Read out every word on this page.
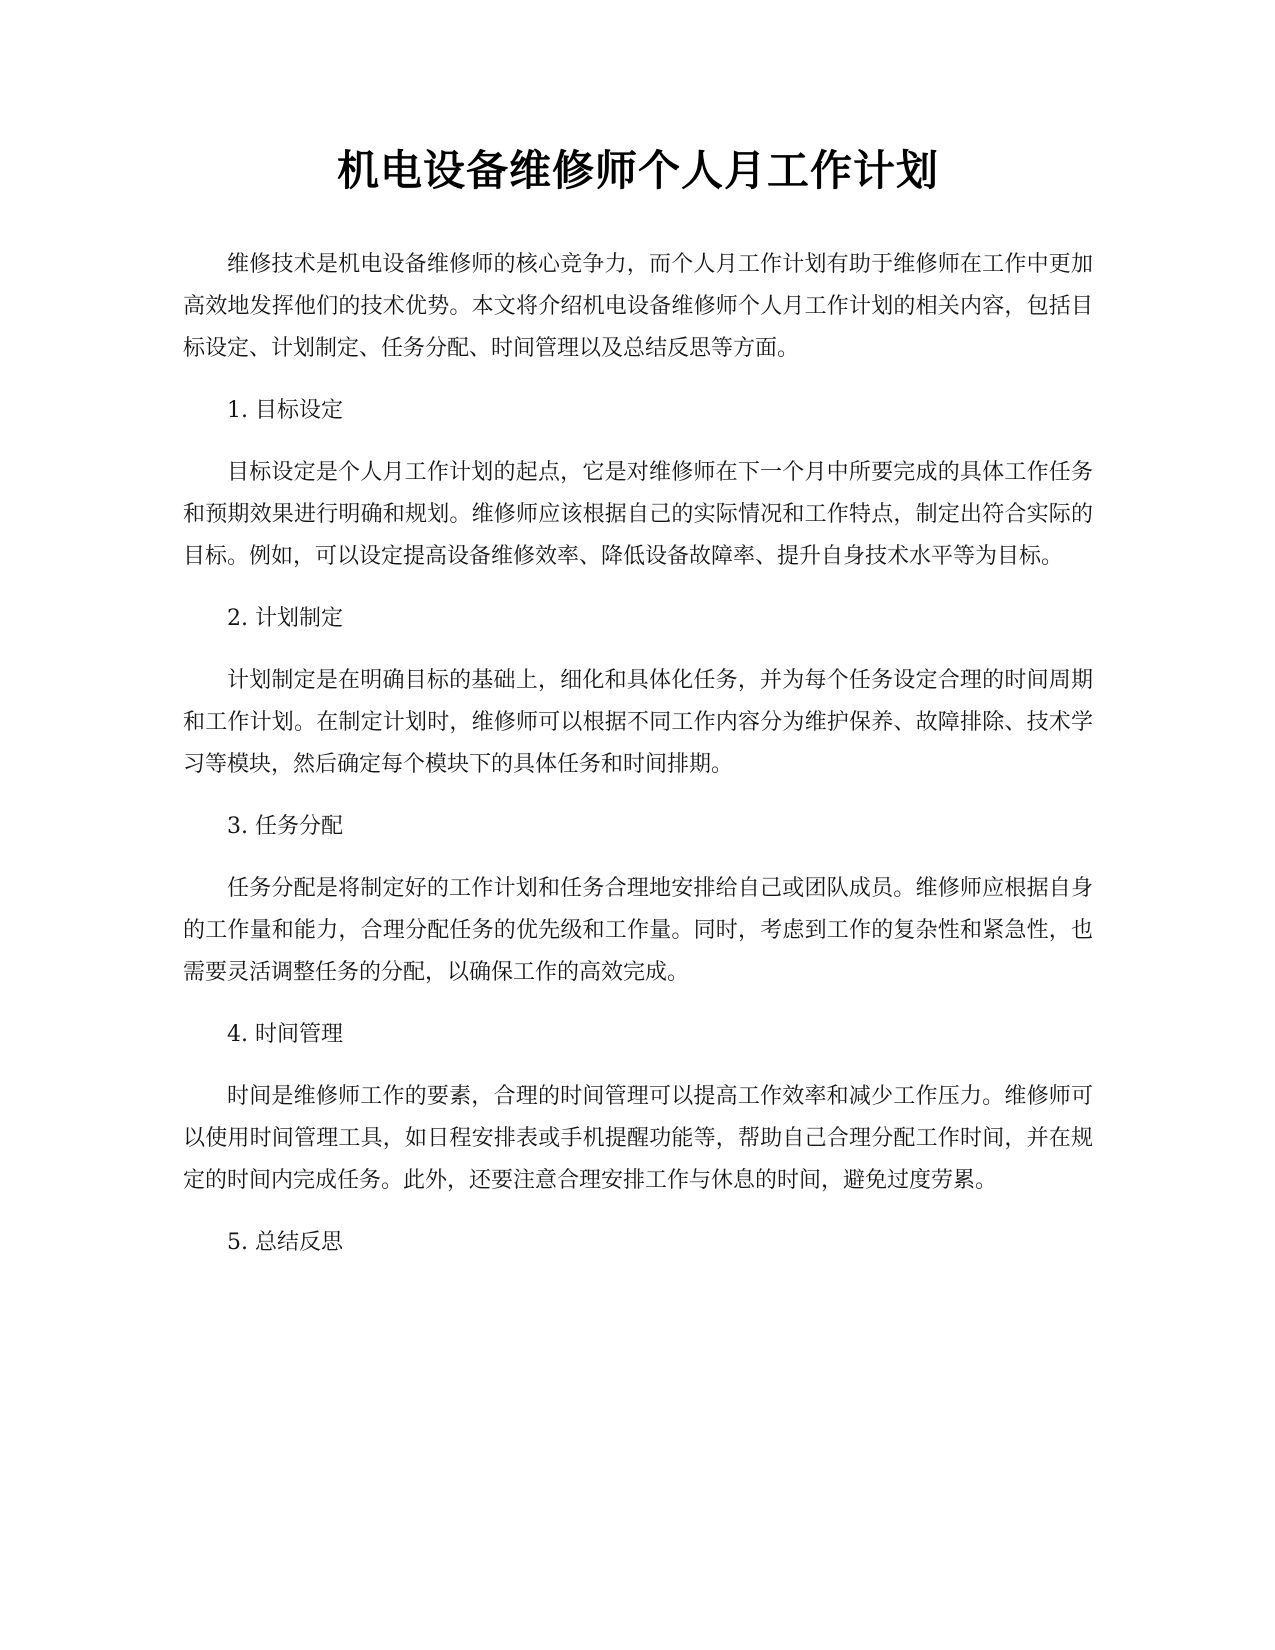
机电设备维修师个人月工作计划

维修技术是机电设备维修师的核心竞争力，而个人月工作计划有助于维修师在工作中更加高效地发挥他们的技术优势。本文将介绍机电设备维修师个人月工作计划的相关内容，包括目标设定、计划制定、任务分配、时间管理以及总结反思等方面。

1. 目标设定

目标设定是个人月工作计划的起点，它是对维修师在下一个月中所要完成的具体工作任务和预期效果进行明确和规划。维修师应该根据自己的实际情况和工作特点，制定出符合实际的目标。例如，可以设定提高设备维修效率、降低设备故障率、提升自身技术水平等为目标。

2. 计划制定

计划制定是在明确目标的基础上，细化和具体化任务，并为每个任务设定合理的时间周期和工作计划。在制定计划时，维修师可以根据不同工作内容分为维护保养、故障排除、技术学习等模块，然后确定每个模块下的具体任务和时间排期。

3. 任务分配

任务分配是将制定好的工作计划和任务合理地安排给自己或团队成员。维修师应根据自身的工作量和能力，合理分配任务的优先级和工作量。同时，考虑到工作的复杂性和紧急性，也需要灵活调整任务的分配，以确保工作的高效完成。

4. 时间管理

时间是维修师工作的要素，合理的时间管理可以提高工作效率和减少工作压力。维修师可以使用时间管理工具，如日程安排表或手机提醒功能等，帮助自己合理分配工作时间，并在规定的时间内完成任务。此外，还要注意合理安排工作与休息的时间，避免过度劳累。

5. 总结反思
